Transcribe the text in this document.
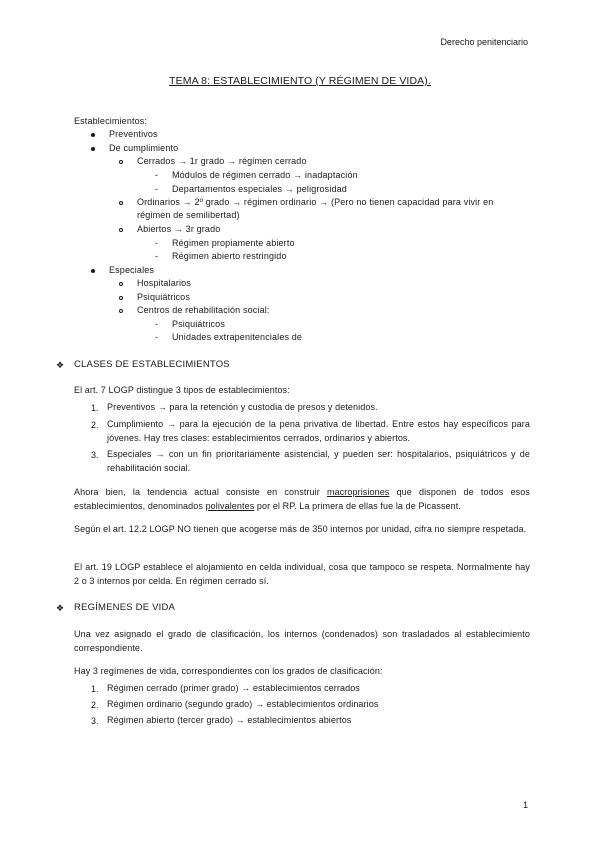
Derecho penitenciario
TEMA 8: ESTABLECIMIENTO (Y RÉGIMEN DE VIDA).
Establecimientos:
Preventivos
De cumplimiento
Cerrados → 1r grado → régimen cerrado
- Módulos de régimen cerrado → inadaptación
- Departamentos especiales → peligrosidad
Ordinarios → 2º grado → régimen ordinario → (Pero no tienen capacidad para vivir en
régimen de semilibertad)
Abiertos → 3r grado
- Régimen propiamente abierto
- Régimen abierto restringido
Especiales
Hospitalarios
Psiquiátricos
Centros de rehabilitación social:
- Psiquiátricos
- Unidades extrapenitenciales de
❖ CLASES DE ESTABLECIMIENTOS
El art. 7 LOGP distingue 3 tipos de establecimientos:
1. Preventivos → para la retención y custodia de presos y detenidos.
2. Cumplimiento → para la ejecución de la pena privativa de libertad. Entre estos hay específicos para jóvenes. Hay tres clases: establecimientos cerrados, ordinarios y abiertos.
3. Especiales → con un fin prioritariamente asistencial, y pueden ser: hospitalarios, psiquiátricos y de rehabilitación social.
Ahora bien, la tendencia actual consiste en construir macroprisiones que disponen de todos esos establecimientos, denominados polivalentes por el RP. La primera de ellas fue la de Picassent.
Según el art. 12.2 LOGP NO tienen que acogerse más de 350 internos por unidad, cifra no siempre respetada.
El art. 19 LOGP establece el alojamiento en celda individual, cosa que tampoco se respeta. Normalmente hay 2 o 3 internos por celda. En régimen cerrado sí.
❖ REGÍMENES DE VIDA
Una vez asignado el grado de clasificación, los internos (condenados) son trasladados al establecimiento correspondiente.
Hay 3 regímenes de vida, correspondientes con los grados de clasificación:
1. Régimen cerrado (primer grado) → establecimientos cerrados
2. Régimen ordinario (segundo grado) → establecimientos ordinarios
3. Régimen abierto (tercer grado) → establecimientos abiertos
1
